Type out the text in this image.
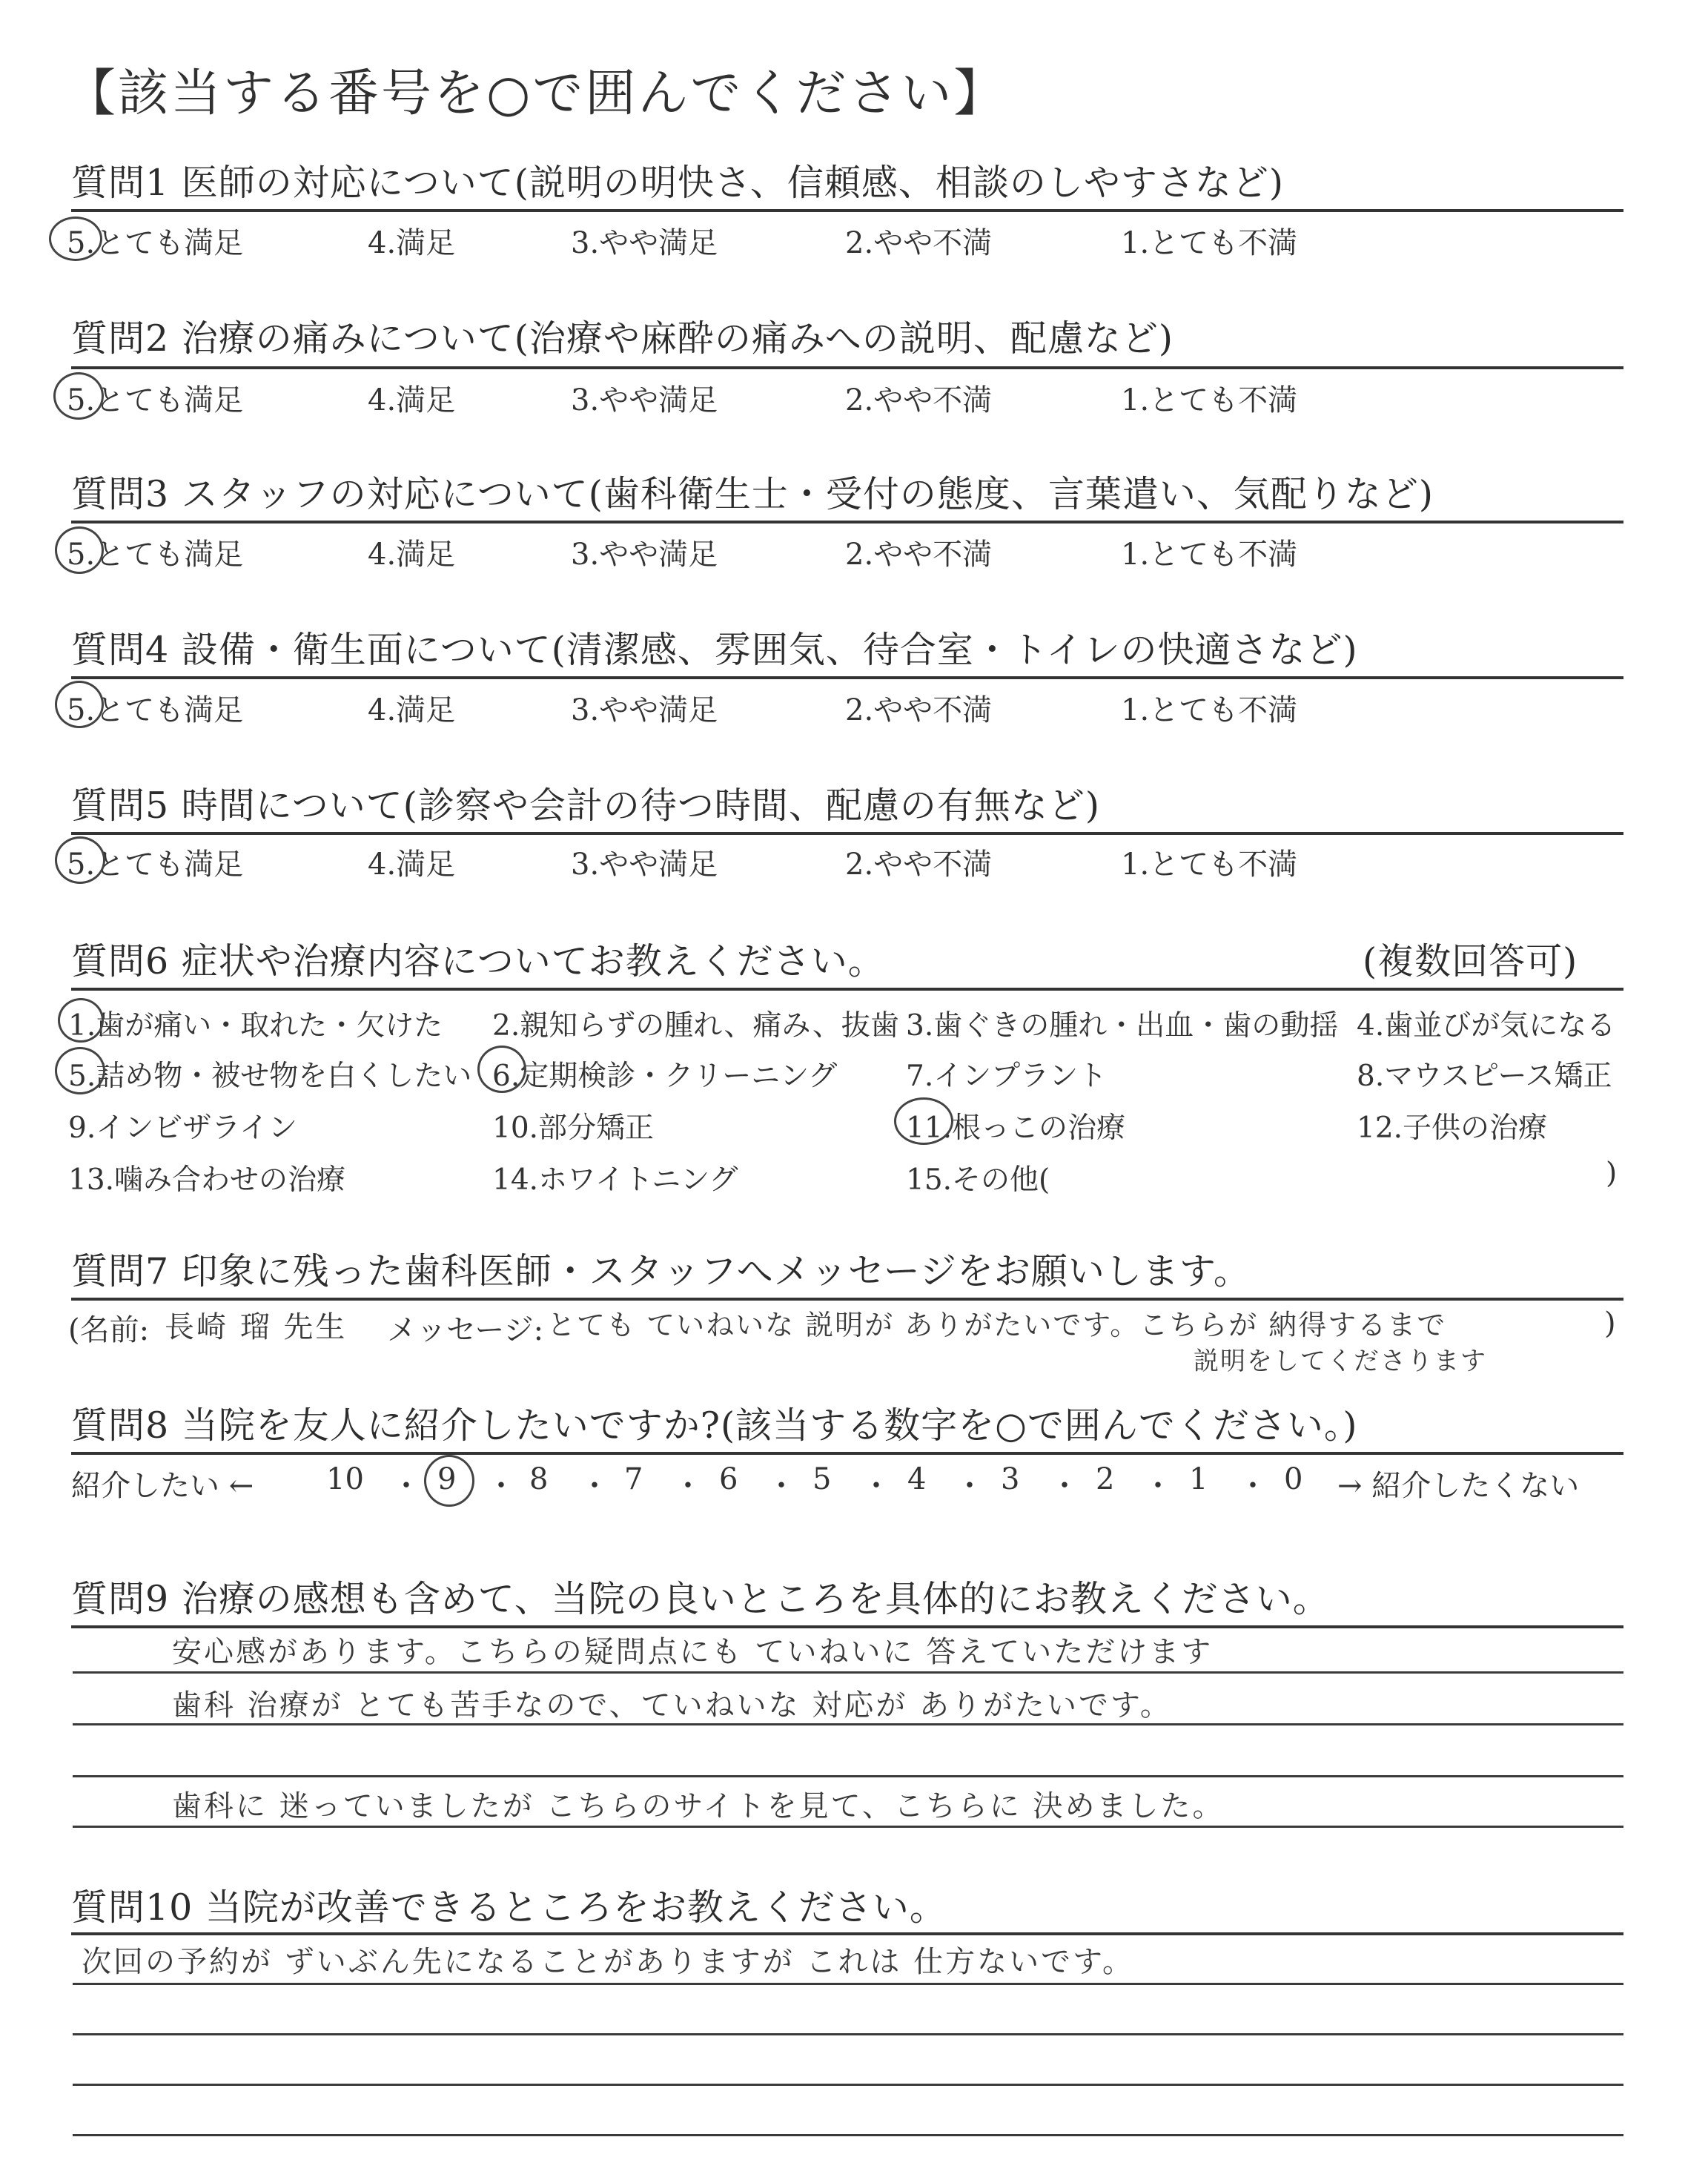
【該当する番号を○で囲んでください】
質問1 医師の対応について(説明の明快さ、信頼感、相談のしやすさなど)
5.とても満足	4.満足	3.やや満足	2.やや不満	1.とても不満
質問2 治療の痛みについて(治療や麻酔の痛みへの説明、配慮など)
5.とても満足	4.満足	3.やや満足	2.やや不満	1.とても不満
質問3 スタッフの対応について(歯科衛生士・受付の態度、言葉遣い、気配りなど)
5.とても満足	4.満足	3.やや満足	2.やや不満	1.とても不満
質問4 設備・衛生面について(清潔感、雰囲気、待合室・トイレの快適さなど)
5.とても満足	4.満足	3.やや満足	2.やや不満	1.とても不満
質問5 時間について(診察や会計の待つ時間、配慮の有無など)
5.とても満足	4.満足	3.やや満足	2.やや不満	1.とても不満
質問6 症状や治療内容についてお教えください。	(複数回答可)
1.歯が痛い・取れた・欠けた 2.親知らずの腫れ、痛み、抜歯 3.歯ぐきの腫れ・出血・歯の動揺 4.歯並びが気になる
5.詰め物・被せ物を白くしたい 6.定期検診・クリーニング 7.インプラント	8.マウスピース矯正
9.インビザライン	10.部分矯正	11.根っこの治療	12.子供の治療
13.噛み合わせの治療	14.ホワイトニング	15.その他(	)
質問7 印象に残った歯科医師・スタッフへメッセージをお願いします。
(名前: 長崎 瑠 先生 メッセージ: とても ていねいな 説明が ありがたいです。こちらが 納得するまで
説明をしてくださります
)
質問8 当院を友人に紹介したいですか?(該当する数字を○で囲んでください。)
紹介したい ← 10 ・ 9 ・ 8 ・ 7 ・ 6 ・ 5 ・ 4 ・ 3 ・ 2 ・ 1 ・ 0 → 紹介したくない
質問9 治療の感想も含めて、当院の良いところを具体的にお教えください。
安心感があります。こちらの疑問点にも ていねいに 答えていただけます
歯科 治療が とても苦手なので、ていねいな 対応が ありがたいです。
歯科に 迷っていましたが こちらのサイトを見て、こちらに 決めました。
質問10 当院が改善できるところをお教えください。
次回の予約が ずいぶん先になることがありますが これは 仕方ないです。
